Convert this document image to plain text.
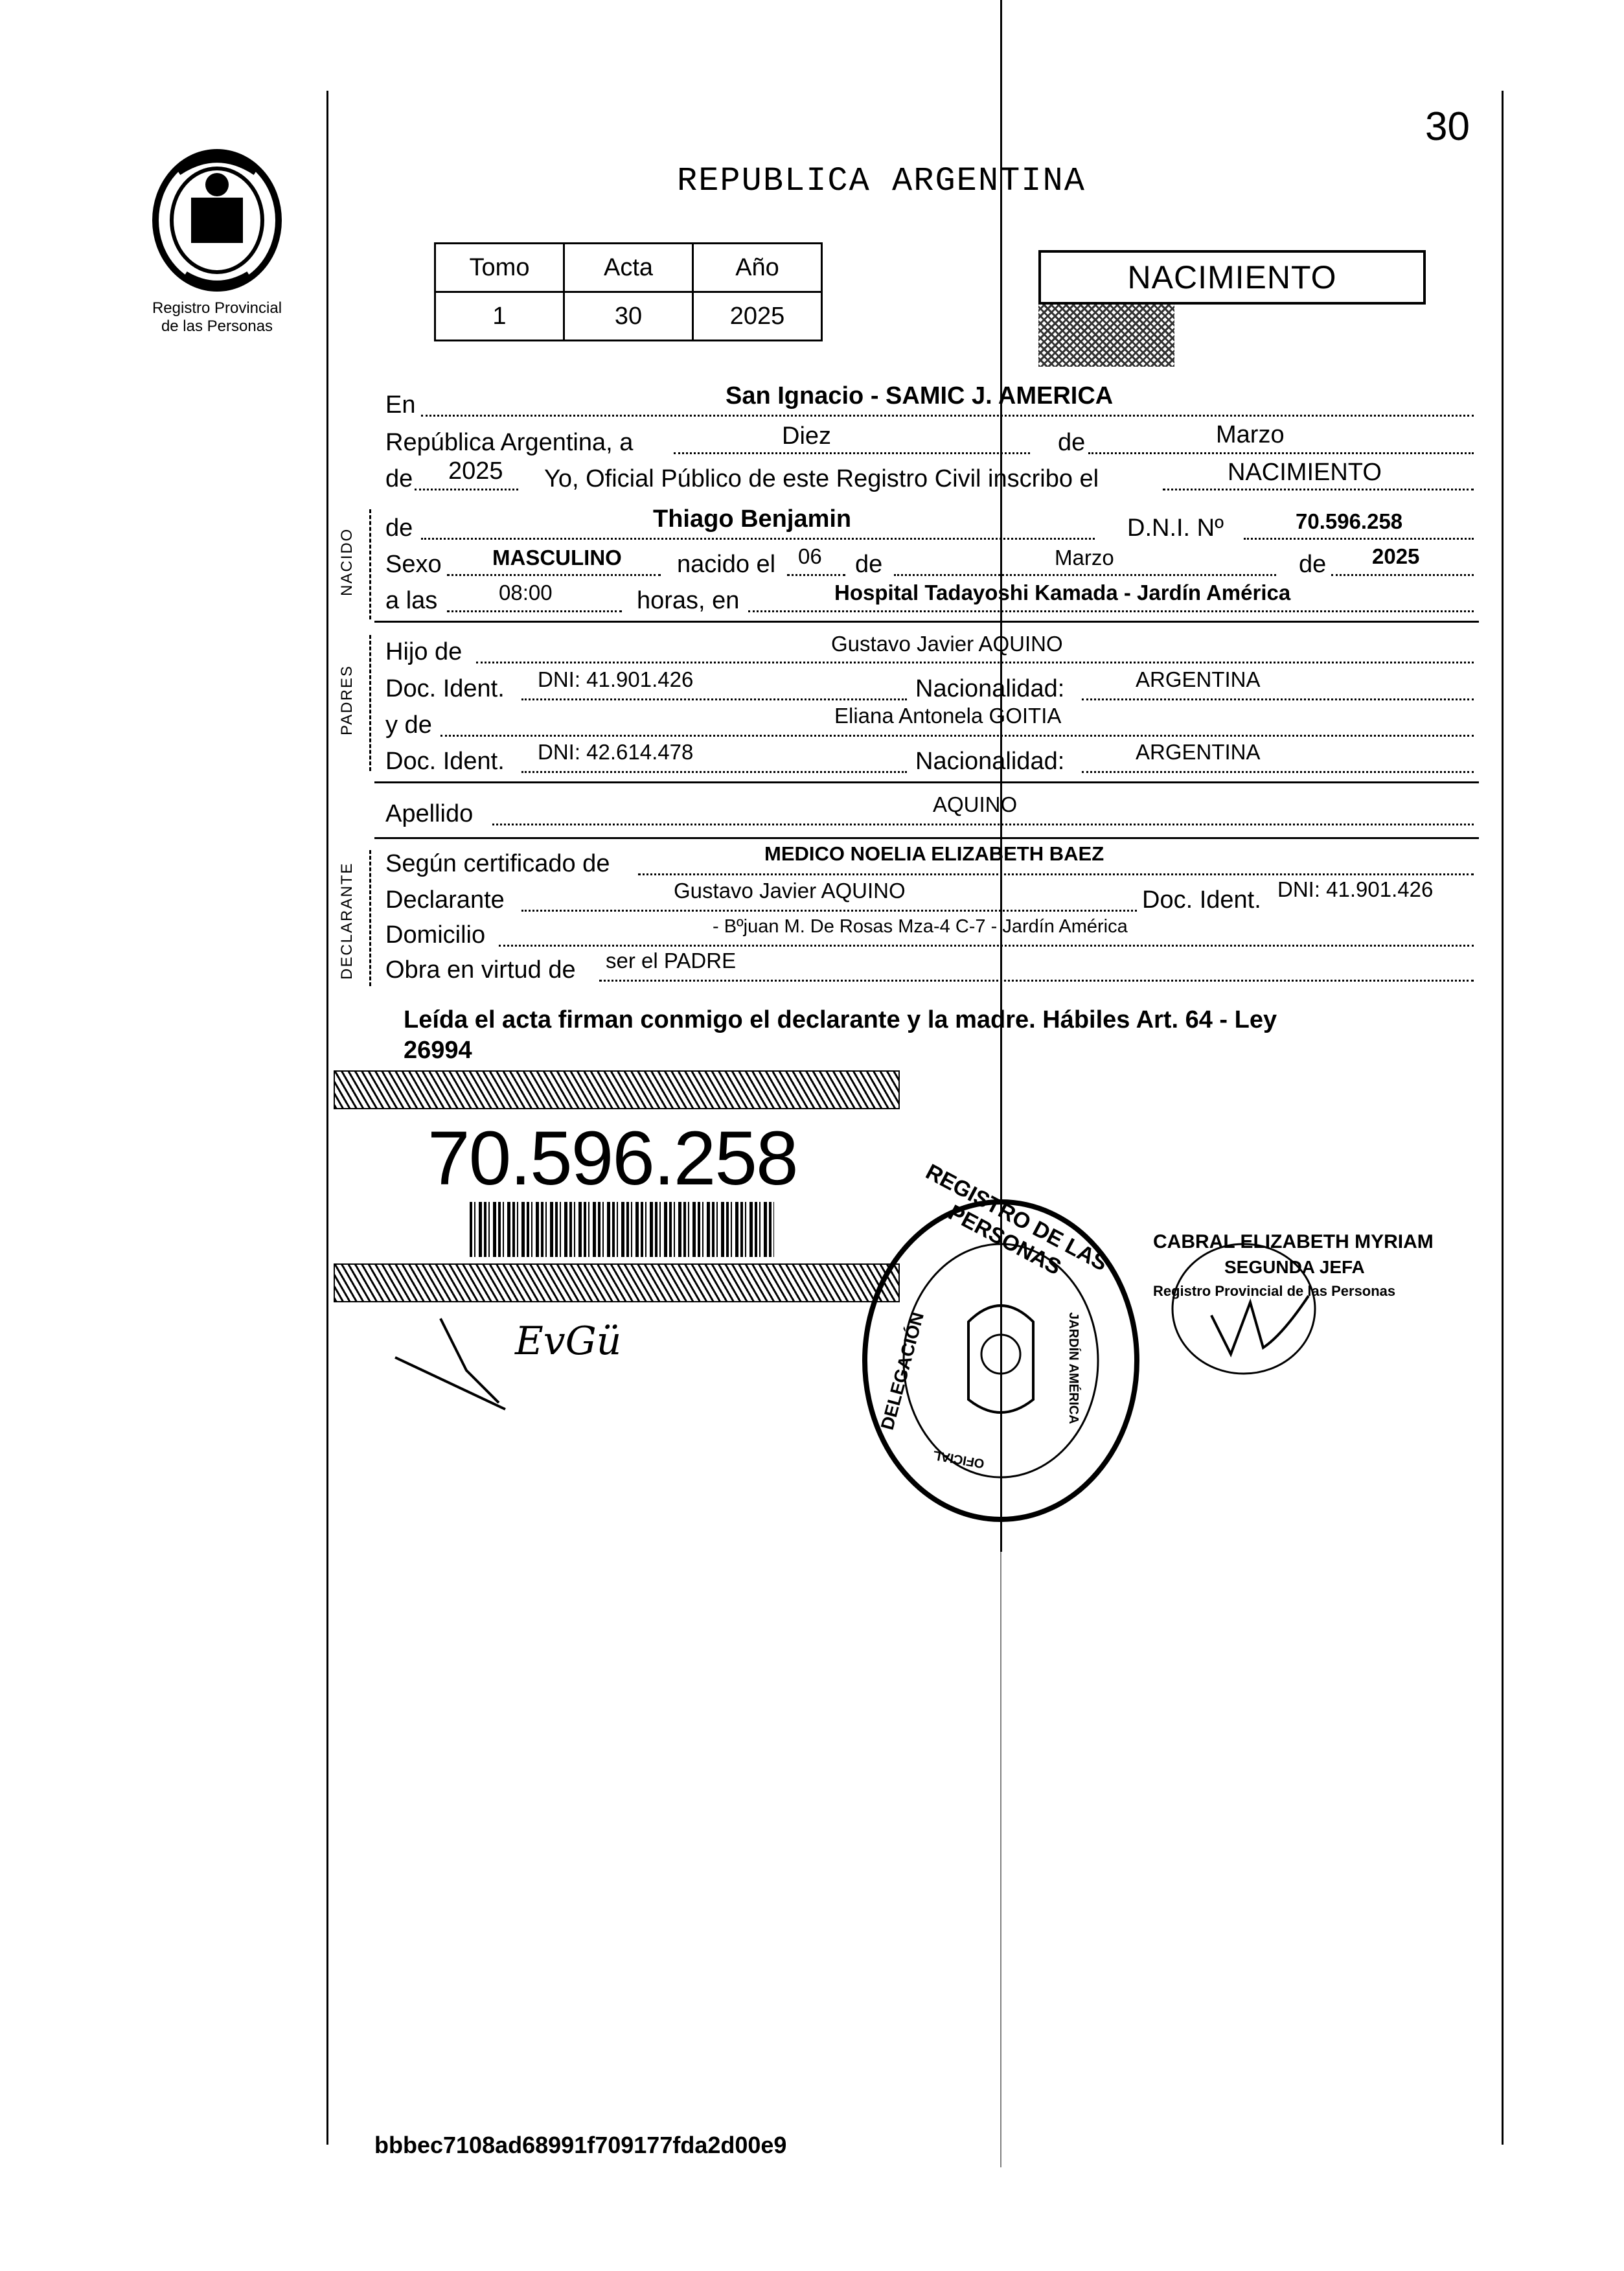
Registro Provincial
de las Personas
30
REPUBLICA ARGENTINA
Tomo	Acta	Año
1	30	2025
NACIMIENTO
En	San Ignacio - SAMIC J. AMERICA
República Argentina, a	Diez	de	Marzo
de 2025 Yo, Oficial Público de este Registro Civil inscribo el	NACIMIENTO
NACIDO de	Thiago Benjamin	D.N.I. Nº	70.596.258
Sexo MASCULINO nacido el 06 de	Marzo	de 2025
a las	08:00	horas, en	Hospital Tadayoshi Kamada - Jardín América
PADRES
Hijo de	Gustavo Javier AQUINO
Doc. Ident. DNI: 41.901.426	Nacionalidad:	ARGENTINA
y de	Eliana Antonela GOITIA
Doc. Ident. DNI: 42.614.478	Nacionalidad:	ARGENTINA
Apellido	AQUINO
DECLARANTE Según certificado de	MEDICO NOELIA ELIZABETH BAEZ
Declarante	Gustavo Javier AQUINO	Doc. Ident. DNI: 41.901.426
Domicilio	- Bºjuan M. De Rosas Mza-4 C-7 - Jardín América
Obra en virtud de ser el PADRE
Leída el acta firman conmigo el declarante y la madre. Hábiles Art. 64 - Ley
26994
70.596.258
EvGü
REGISTRO DE LAS PERSONAS
DELEGACIÓN	JARDÍN AMÉRICA
OFICIAL
CABRAL ELIZABETH MYRIAM
SEGUNDA JEFA
Registro Provincial de las Personas
bbbec7108ad68991f709177fda2d00e9
